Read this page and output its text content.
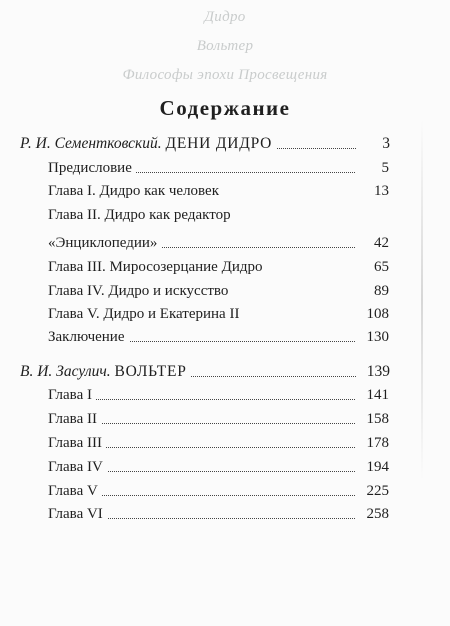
Дидро
Вольтер
Философы эпохи Просвещения
Содержание
Р. И. Сементковский. ДЕНИ ДИДРО	3
Предисловие	5
Глава I. Дидро как человек	13
Глава II. Дидро как редактор
«Энциклопедии»	42
Глава III. Миросозерцание Дидро	65
Глава IV. Дидро и искусство	89
Глава V. Дидро и Екатерина II	108
Заключение	130
В. И. Засулич. ВОЛЬТЕР	139
Глава I	141
Глава II	158
Глава III	178
Глава IV	194
Глава V	225
Глава VI	258
